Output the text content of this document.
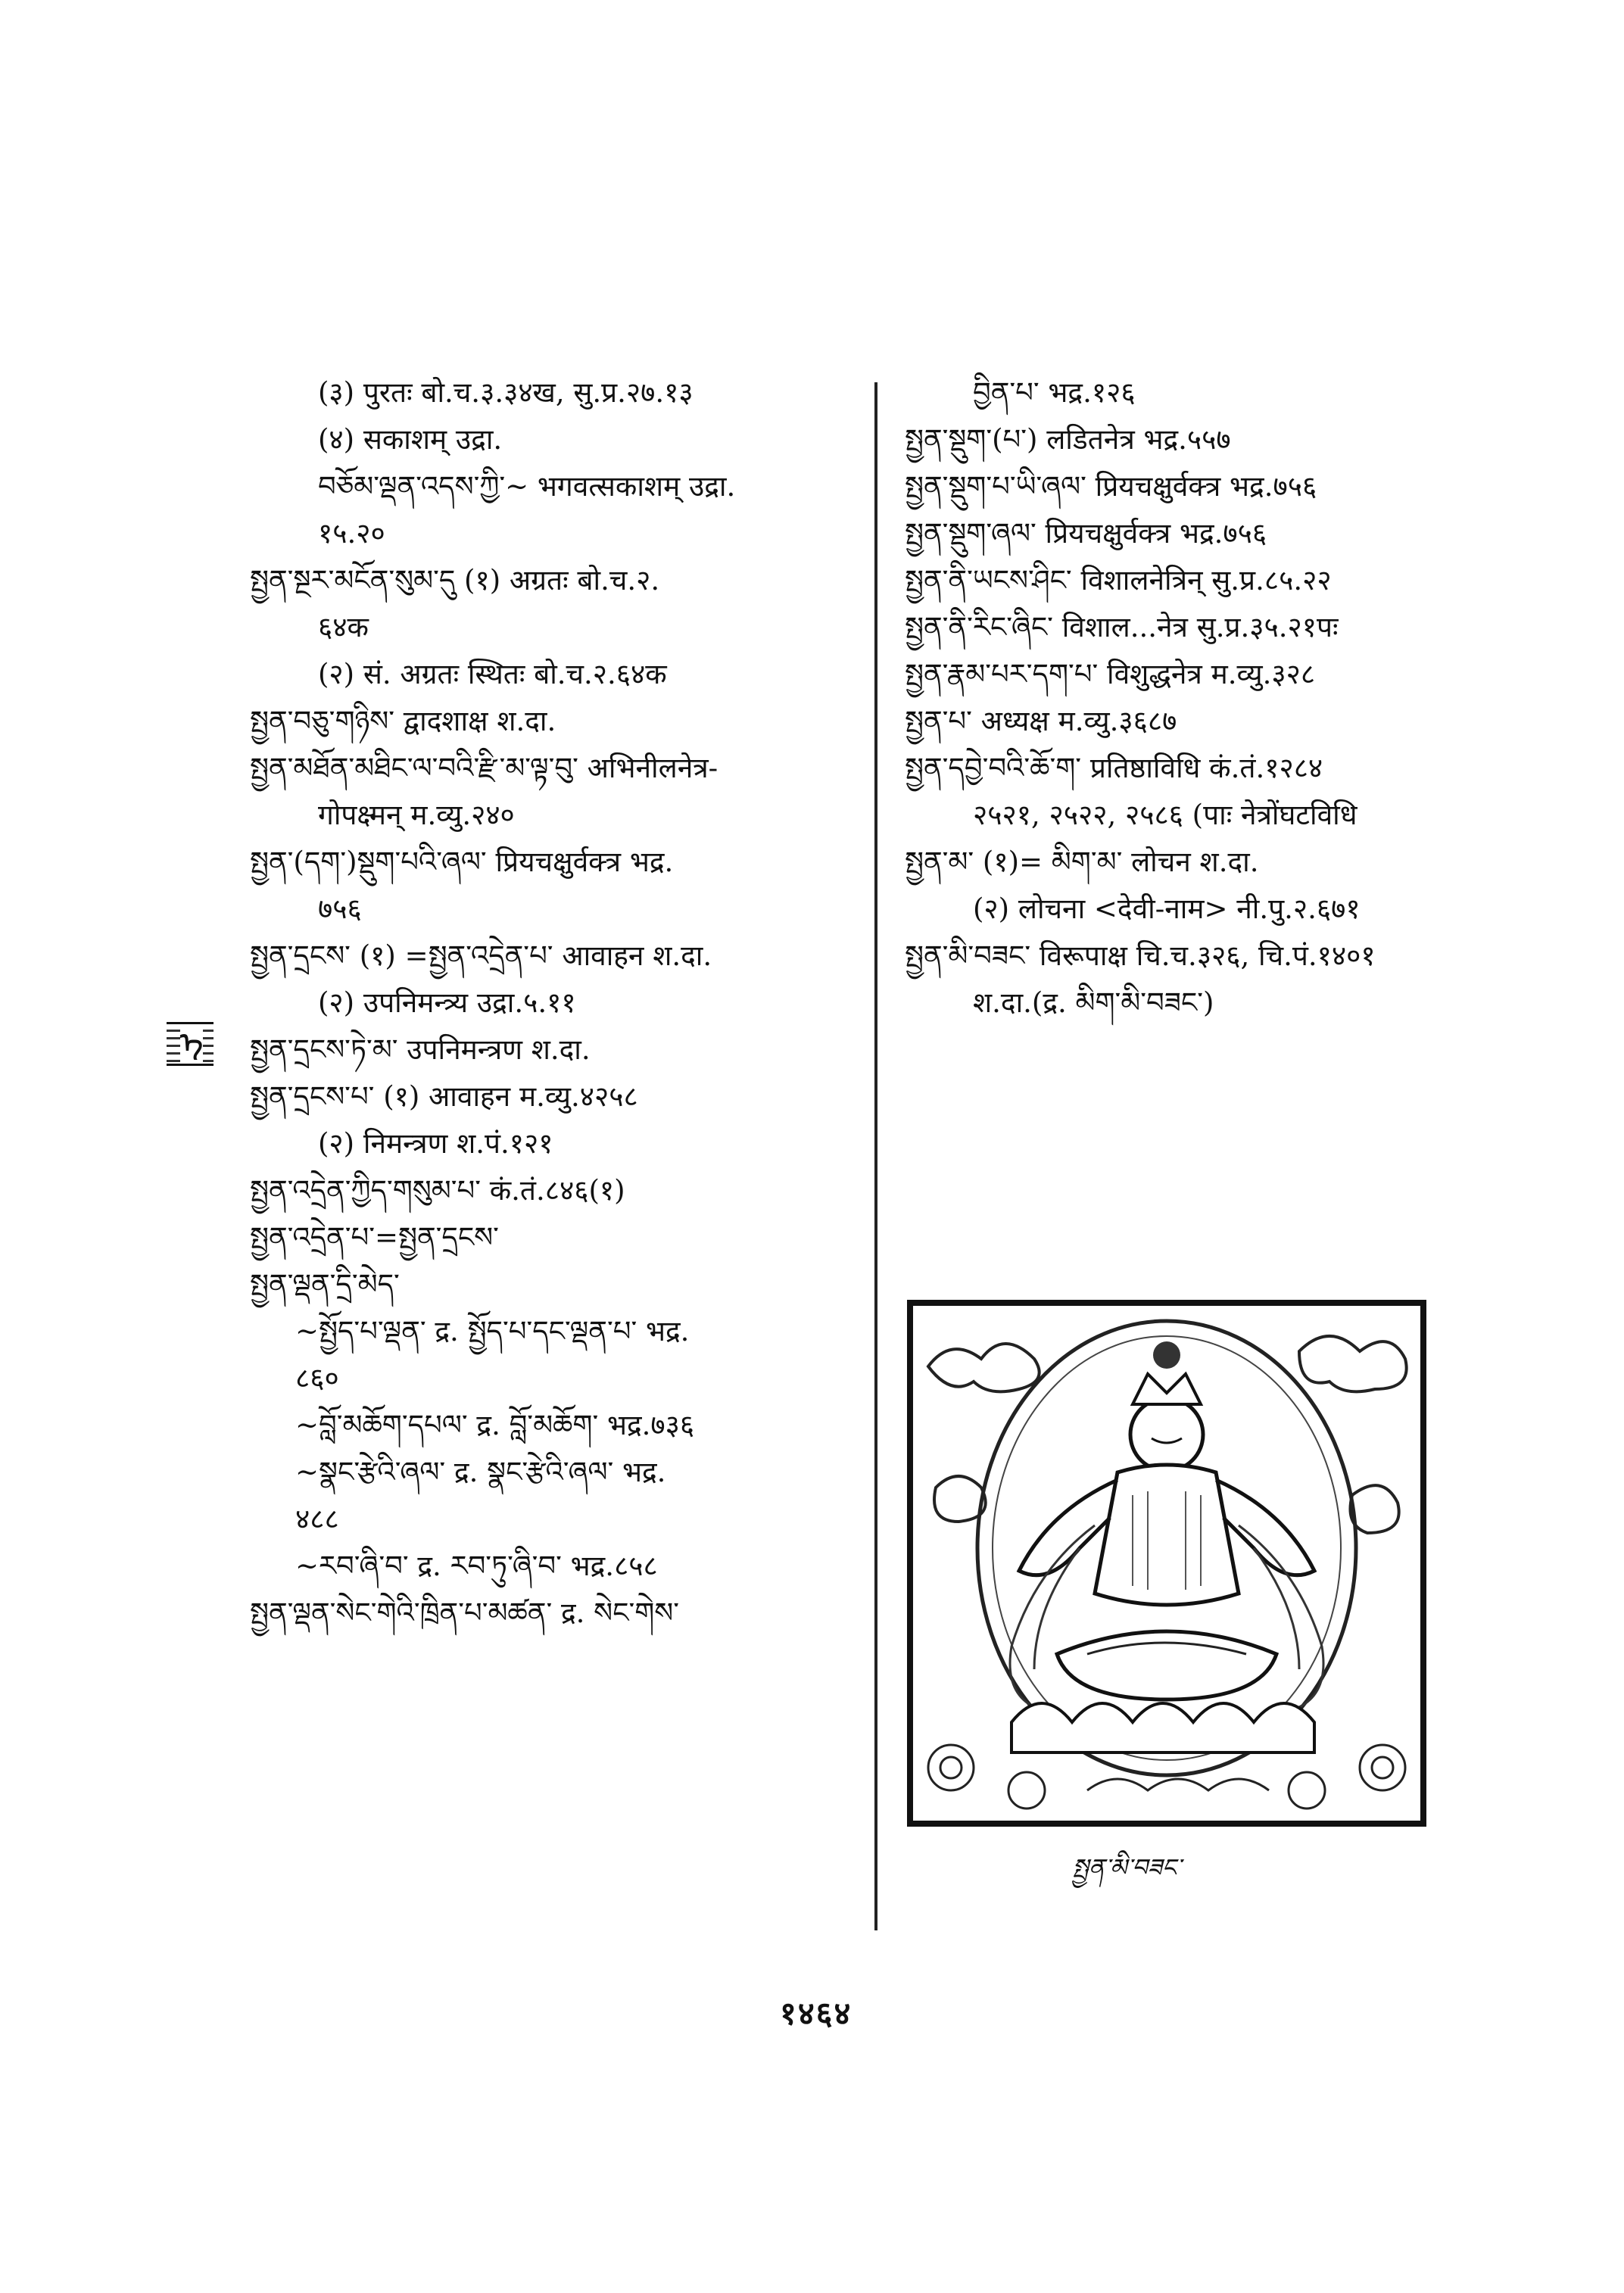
(३) पुरतः बो.च.३.३४ख, सु.प्र.२७.१३
(४) सकाशम् उद्रा.
བཅོམ་ལྡན་འདས་ཀྱི་~ भगवत्सकाशम् उद्रा.
१५.२०
སྤྱན་སྔར་མངོན་སུམ་དུ (१) अग्रतः बो.च.२.
६४क
(२) सं. अग्रतः स्थितः बो.च.२.६४क
སྤྱན་བཅུ་གཉིས་ द्वादशाक्ष श.दा.
སྤྱན་མཐོན་མཐིང་ལ་བའི་རྫི་མ་ལྟ་བུ་ अभिनीलनेत्र-
गोपक्ष्मन् म.व्यु.२४०
སྤྱན་(དག་)སྡུག་པའི་ཞལ་ प्रियचक्षुर्वक्त्र भद्र.
७५६
སྤྱན་དྲངས་ (१) =སྤྱན་འདྲེན་པ་ आवाहन श.दा.
(२) उपनिमन्त्र्य उद्रा.५.११
སྤྱན་དྲངས་ཏེ་མ་ उपनिमन्त्रण श.दा.
སྤྱན་དྲངས་པ་ (१) आवाहन म.व्यु.४२५८
(२) निमन्त्रण श.पं.१२१
སྤྱན་འདྲེན་ཀྱིད་གསུམ་པ་ कं.तं.८४६(१)
སྤྱན་འདྲེན་པ་=སྤྱན་དྲངས་
སྤྱན་ལྡན་དྲི་མེད་
~སྤྱོད་པ་ལྡན་ द्र. སྤྱོད་པ་དང་ལྡན་པ་ भद्र.
८६०
~བློ་མཆོག་དཔལ་ द्र. བློ་མཆོག་ भद्र.७३६
~སྣང་རྩེའི་ཞལ་ द्र. སྣང་རྩེའི་ཞལ་ भद्र.
४८८
~རབ་ཞི་བ་ द्र. རབ་ཏུ་ཞི་བ་ भद्र.८५८
སྤྱན་ལྡན་སེང་གེའི་ཁྲིན་པ་མཚན་ द्र. སེང་གེས་
བྱིན་པ་ भद्र.१२६
སྤྱན་སྡུག་(པ་) लडितनेत्र भद्र.५५७
སྤྱན་སྡུག་པ་ཡི་ཞལ་ प्रियचक्षुर्वक्त्र भद्र.७५६
སྤྱན་སྡུག་ཞལ་ प्रियचक्षुर्वक्त्र भद्र.७५६
སྤྱན་ནི་ཡངས་ཤིང་ विशालनेत्रिन् सु.प्र.८५.२२
སྤྱན་ནི་རིང་ཞིང་ विशाल...नेत्र सु.प्र.३५.२१पः
སྤྱན་རྣམ་པར་དག་པ་ विशुद्धनेत्र म.व्यु.३२८
སྤྱན་པ་ अध्यक्ष म.व्यु.३६८७
སྤྱན་དབྱེ་བའི་ཆོ་ག་ प्रतिष्ठाविधि कं.तं.१२८४
२५२१, २५२२, २५८६ (पाः नेत्रोंघटविधि
སྤྱན་མ་ (१)= མིག་མ་ लोचन श.दा.
(२) लोचना <देवी-नाम> नी.पु.२.६७१
སྤྱན་མི་བཟང་ विरूपाक्ष चि.च.३२६, चि.पं.१४०१
श.दा.(द्र. མིག་མི་བཟང་)
ᠡ
སྤྱན་མི་བཟང་
१४६४
